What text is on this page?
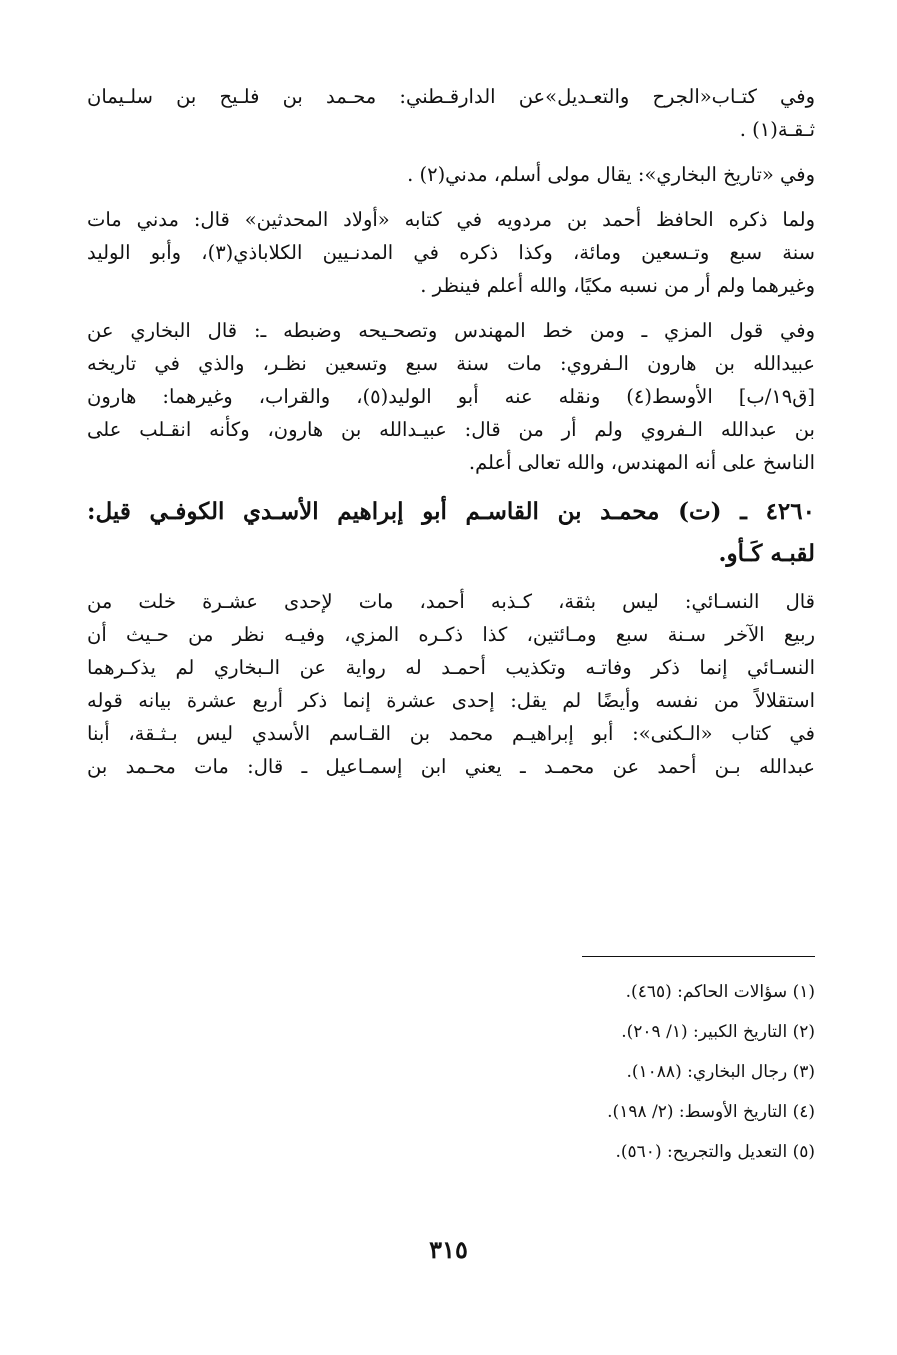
وفي كتـاب«الجرح والتعـديل»عن الدارقـطني: محـمد بن فلـيح بن سلـيمان
ثـقـة(١) .

وفي «تاريخ البخاري»: يقال مولى أسلم، مدني(٢) .

ولما ذكره الحافظ أحمد بن مردويه في كتابه «أولاد المحدثين» قال: مدني مات
سنة سبع وتـسعين ومائة، وكذا ذكره في المدنـيين الكلاباذي(٣)، وأبو الوليد
وغيرهما ولم أر من نسبه مكيًا، والله أعلم فينظر .

وفي قول المزي ـ ومن خط المهندس وتصحـيحه وضبطه ـ: قال البخاري عن
عبيدالله بن هارون الـفروي: مات سنة سبع وتسعين نظـر، والذي في تاريخه
[ق١٩/ب] الأوسط(٤) ونقله عنه أبو الوليد(٥)، والقراب، وغيرهما: هارون
بن عبدالله الـفروي ولم أر من قال: عبيـدالله بن هارون، وكأنه انقـلب على
الناسخ على أنه المهندس، والله تعالى أعلم.

٤٢٦٠ ـ (ت) محمـد بن القاسـم أبو إبراهيم الأسـدي الكوفـي قيل:
لقبـه كَـأو.

قال النسـائي: ليس بثقة، كـذبه أحمد، مات لإحدى عشـرة خلت من
ربيع الآخر سـنة سبع ومـائتين، كذا ذكـره المزي، وفيـه نظر من حـيث أن
النسـائي إنما ذكر وفاتـه وتكذيب أحمـد له رواية عن الـبخاري لم يذكـرهما
استقلالاً من نفسه وأيضًا لم يقل: إحدى عشرة إنما ذكر أربع عشرة بيانه قوله
في كتاب «الـكنى»: أبو إبراهيـم محمد بن القـاسم الأسدي ليس بـثـقة، أبنا
عبدالله بـن أحمد عن محمـد ـ يعني ابن إسمـاعيل ـ قال: مات محـمد بن

(١) سؤالات الحاكم: (٤٦٥).
(٢) التاريخ الكبير: (١/ ٢٠٩).
(٣) رجال البخاري: (١٠٨٨).
(٤) التاريخ الأوسط: (٢/ ١٩٨).
(٥) التعديل والتجريح: (٥٦٠).
٣١٥
